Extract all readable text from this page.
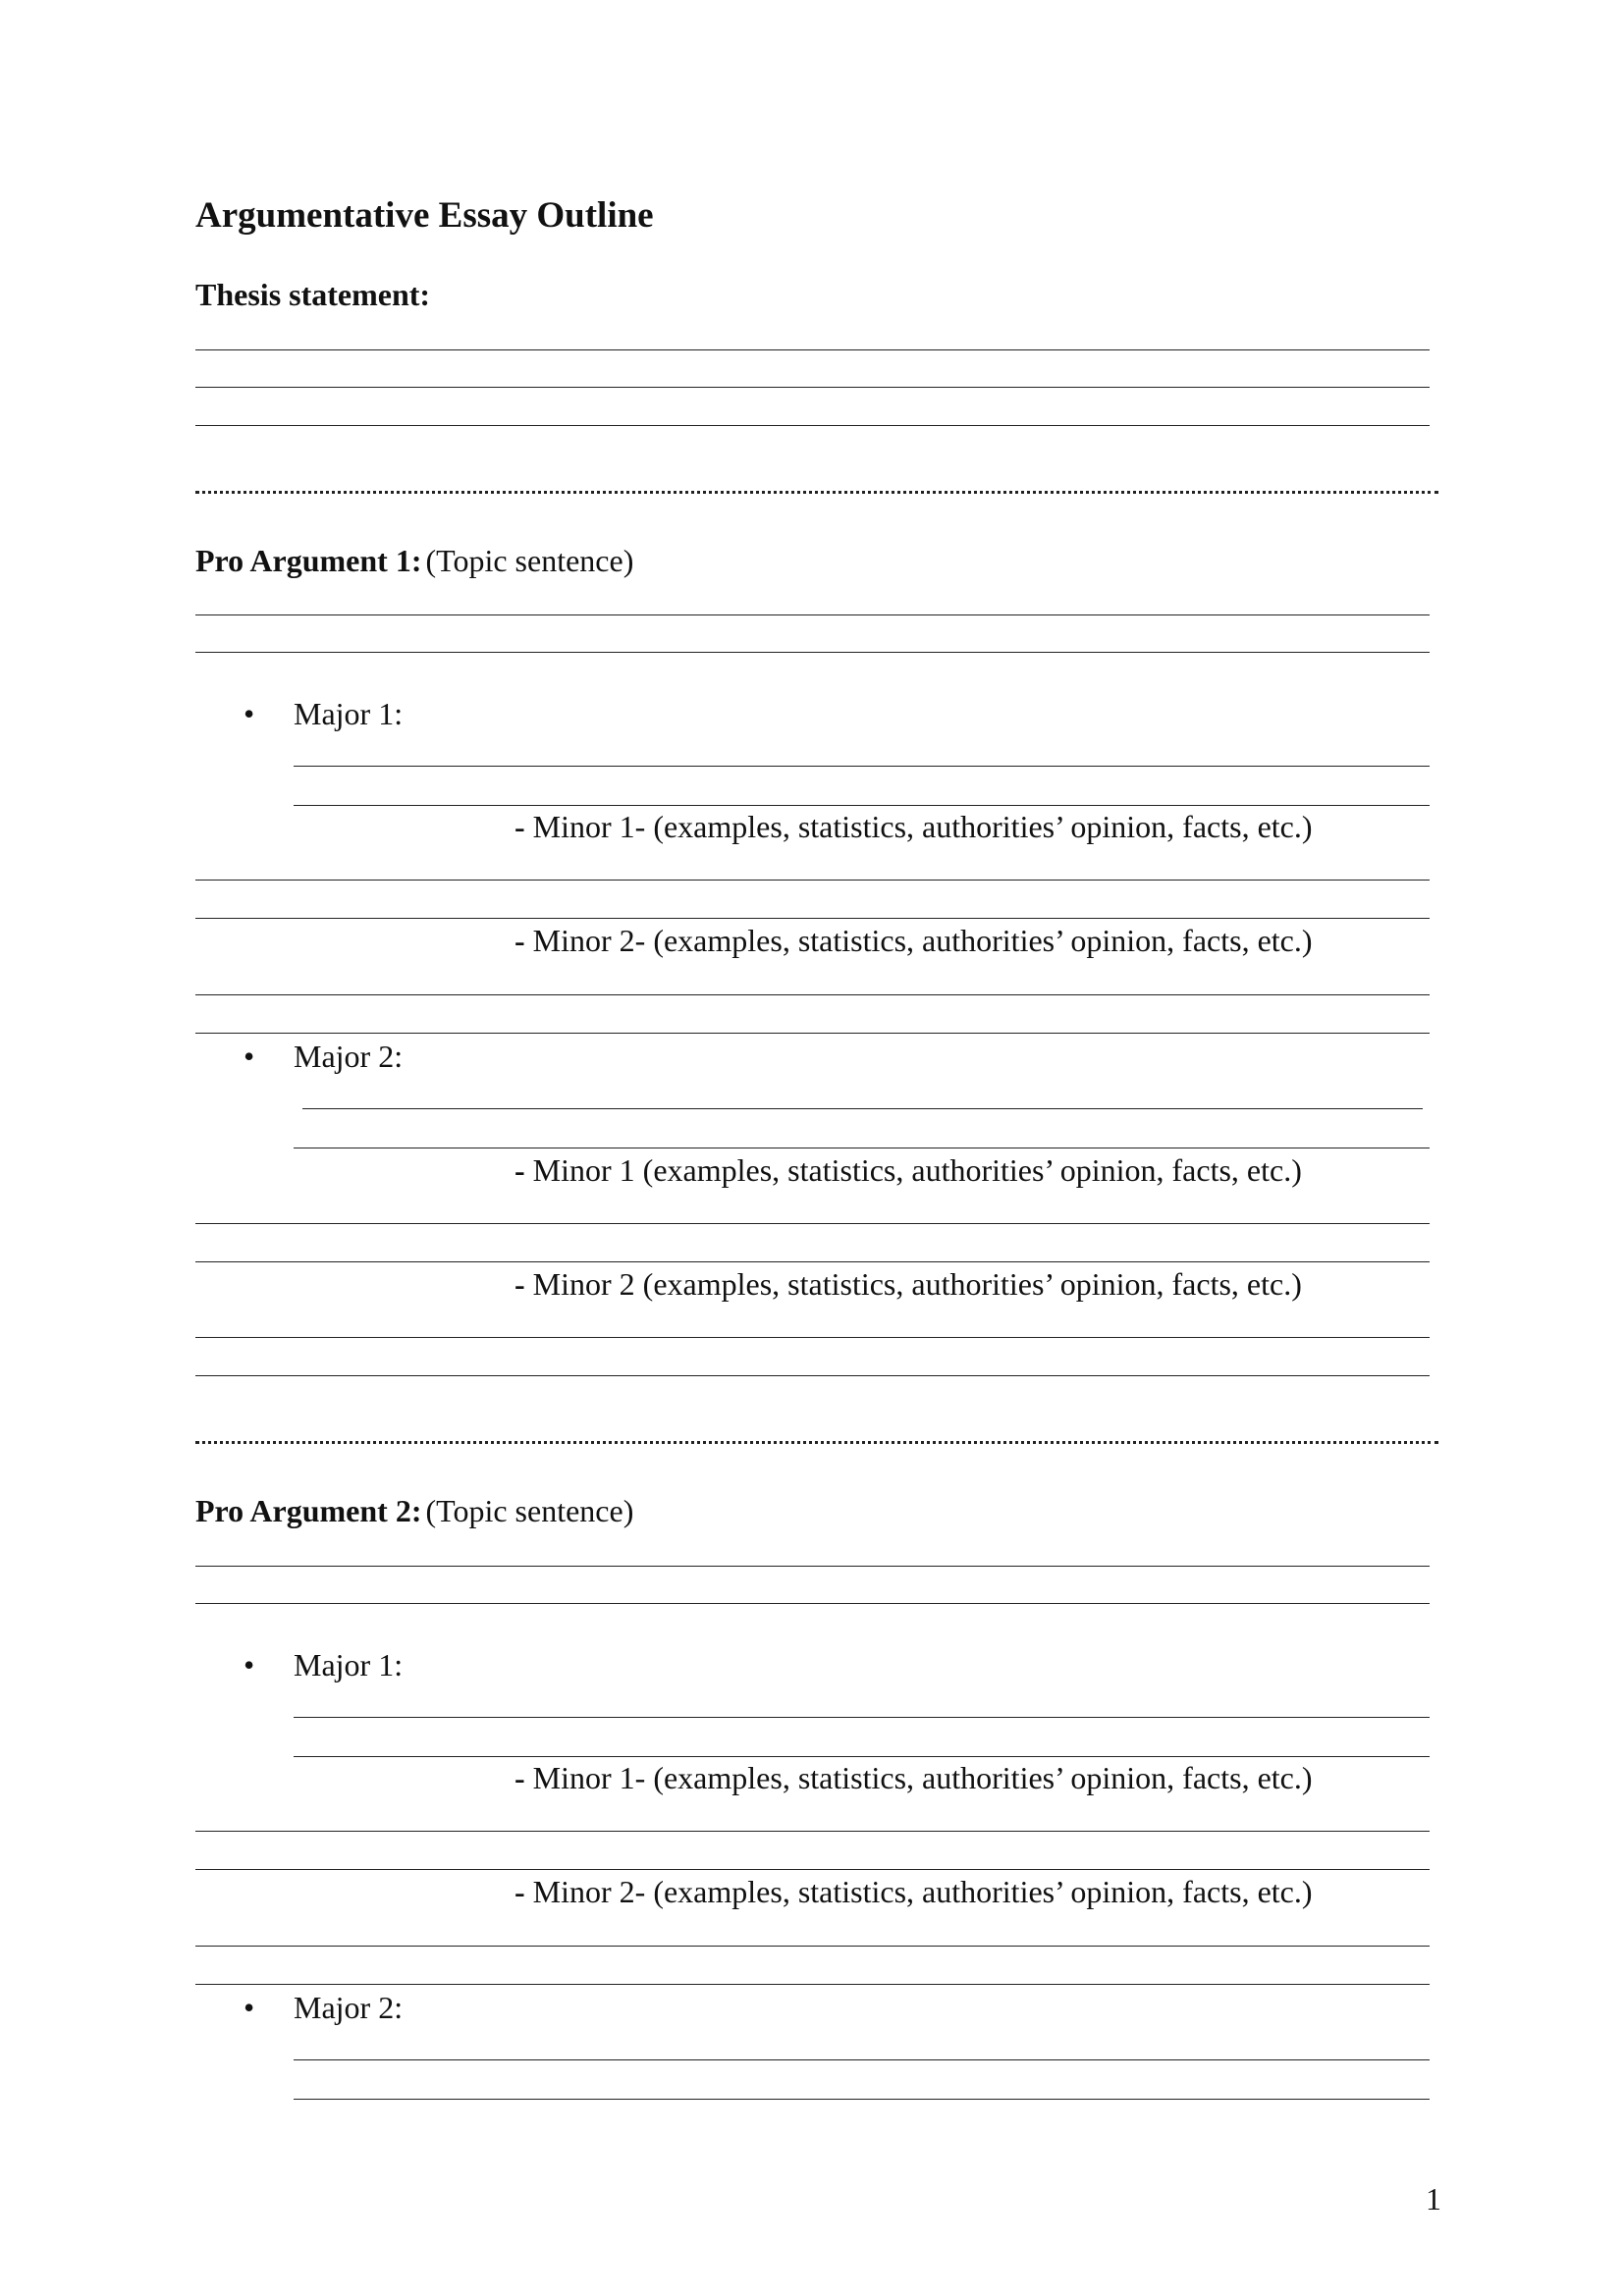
Argumentative Essay Outline
Thesis statement:
Pro Argument 1: (Topic sentence)
• Major 1:
- Minor 1- (examples, statistics, authorities’ opinion, facts, etc.)
- Minor 2- (examples, statistics, authorities’ opinion, facts, etc.)
• Major 2:
- Minor 1 (examples, statistics, authorities’ opinion, facts, etc.)
- Minor 2 (examples, statistics, authorities’ opinion, facts, etc.)
Pro Argument 2: (Topic sentence)
• Major 1:
- Minor 1- (examples, statistics, authorities’ opinion, facts, etc.)
- Minor 2- (examples, statistics, authorities’ opinion, facts, etc.)
• Major 2:
1
